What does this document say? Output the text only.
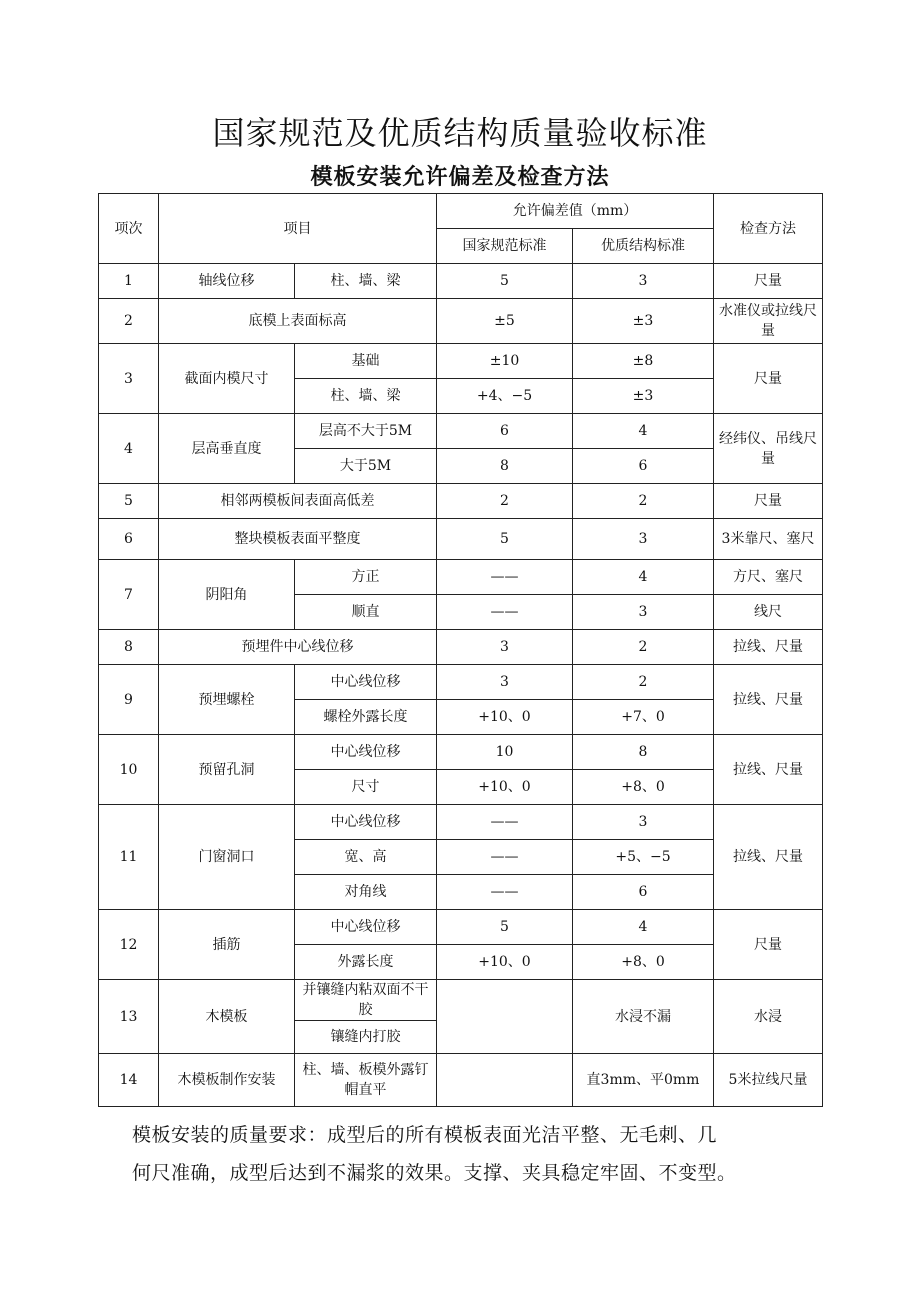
国家规范及优质结构质量验收标准
模板安装允许偏差及检查方法
项次	项目		允许偏差值（mm）		检查方法
			国家规范标准	优质结构标准	
1	轴线位移	柱、墙、梁	5	3	尺量
2	底模上表面标高		±5	±3	水准仪或拉线尺量
3	截面内模尺寸	基础	±10	±8	尺量
		柱、墙、梁	+4、−5	±3	
4	层高垂直度	层高不大于5M	6	4	经纬仪、吊线尺量
		大于5M	8	6	
5	相邻两模板间表面高低差		2	2	尺量
6	整块模板表面平整度		5	3	3米靠尺、塞尺
7	阴阳角	方正	——	4	方尺、塞尺
		顺直	——	3	线尺
8	预埋件中心线位移		3	2	拉线、尺量
9	预埋螺栓	中心线位移	3	2	拉线、尺量
		螺栓外露长度	+10、0	+7、0	
10	预留孔洞	中心线位移	10	8	拉线、尺量
		尺寸	+10、0	+8、0	
11	门窗洞口	中心线位移	——	3	拉线、尺量
		宽、高	——	+5、−5	
		对角线	——	6	
12	插筋	中心线位移	5	4	尺量
		外露长度	+10、0	+8、0	
13	木模板	并镶缝内粘双面不干胶		水浸不漏	水浸
		镶缝内打胶			
14	木模板制作安装	柱、墙、板模外露钉帽直平		直3mm、平0mm	5米拉线尺量
模板安装的质量要求：成型后的所有模板表面光洁平整、无毛刺、几
何尺准确，成型后达到不漏浆的效果。支撑、夹具稳定牢固、不变型。
